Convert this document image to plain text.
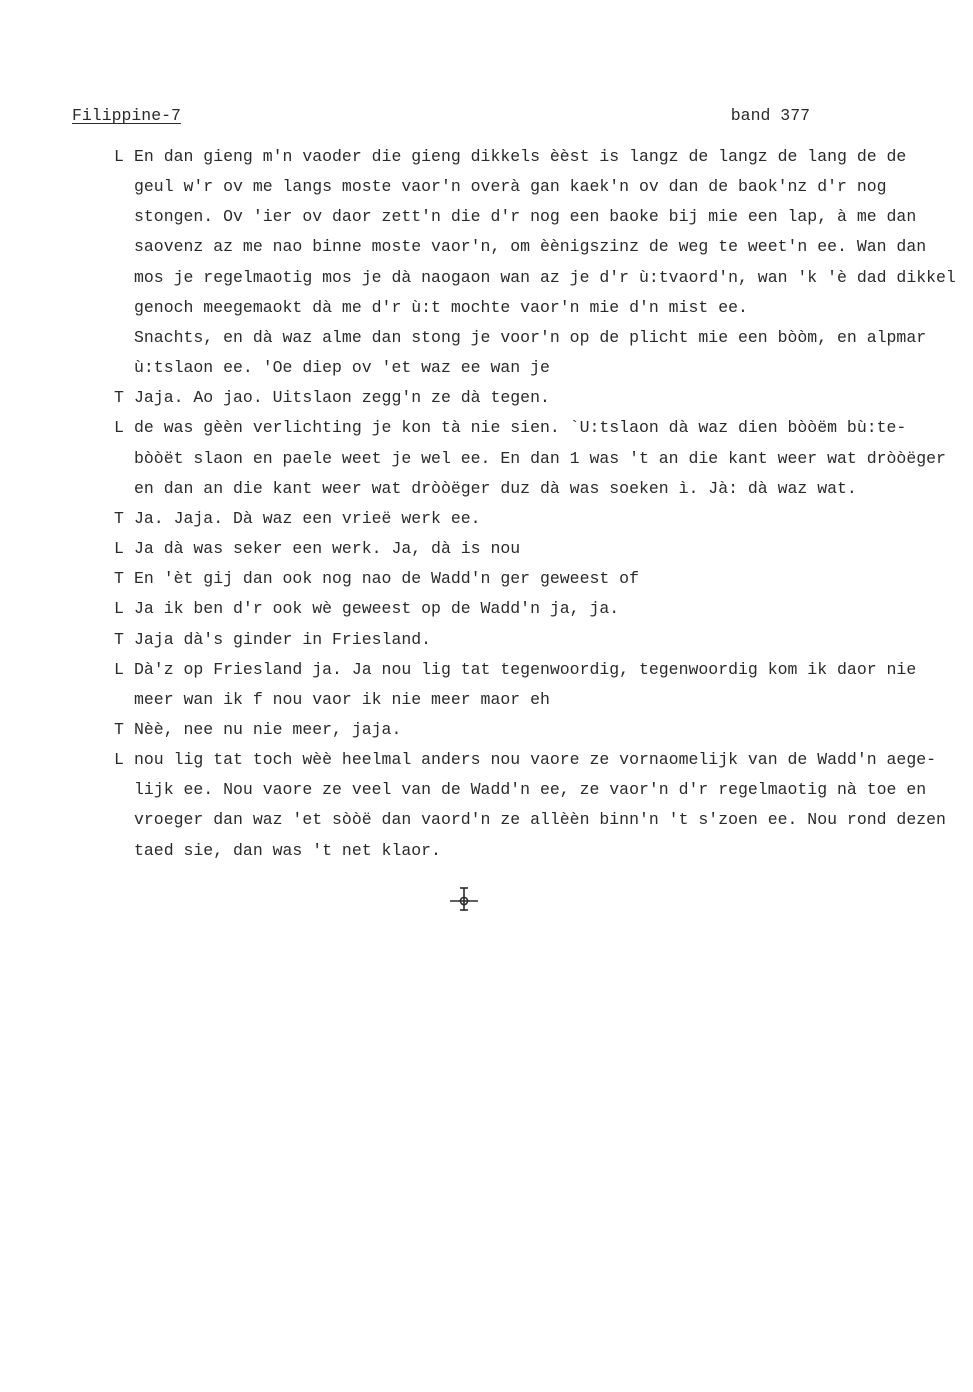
Filippine-7	band 377
L En dan gieng m'n vaoder die gieng dikkels èèst is langz de langz de lang de de
geul w'r ov me langs moste vaor'n overà gan kaek'n ov dan de baok'nz d'r nog
stongen. Ov 'ier ov daor zett'n die d'r nog een baoke bij mie een lap, à me dan
saovenz az me nao binne moste vaor'n, om èènigszinz de weg te weet'n ee. Wan dan
mos je regelmaotig mos je dà naogaon wan az je d'r ù:tvaord'n, wan 'k 'è dad dikkel
genoch meegemaokt dà me d'r ù:t mochte vaor'n mie d'n mist ee.
Snachts, en dà waz alme dan stong je voor'n op de plicht mie een bòòm, en alpmar
ù:tslaon ee. 'Oe diep ov 'et waz ee wan je
T Jaja. Ao jao. Uitslaon zegg'n ze dà tegen.
L de was gèèn verlichting je kon tà nie sien. `U:tslaon dà waz dien bòòëm bù:te-
bòòët slaon en paele weet je wel ee. En dan 1 was 't an die kant weer wat dròòëger
en dan an die kant weer wat dròòëger duz dà was soeken ì. Jà: dà waz wat.
T Ja. Jaja. Dà waz een vrieë werk ee.
L Ja dà was seker een werk. Ja, dà is nou
T En 'èt gij dan ook nog nao de Wadd'n ger geweest of
L Ja ik ben d'r ook wè geweest op de Wadd'n ja, ja.
T Jaja dà's ginder in Friesland.
L Dà'z op Friesland ja. Ja nou lig tat tegenwoordig, tegenwoordig kom ik daor nie
meer wan ik f nou vaor ik nie meer maor eh
T Nèè, nee nu nie meer, jaja.
L nou lig tat toch wèè heelmal anders nou vaore ze vornaomelijk van de Wadd'n aege-
lijk ee. Nou vaore ze veel van de Wadd'n ee, ze vaor'n d'r regelmaotig nà toe en
vroeger dan waz 'et sòòë dan vaord'n ze allèèn binn'n 't s'zoen ee. Nou rond dezen
taed sie, dan was 't net klaor.
